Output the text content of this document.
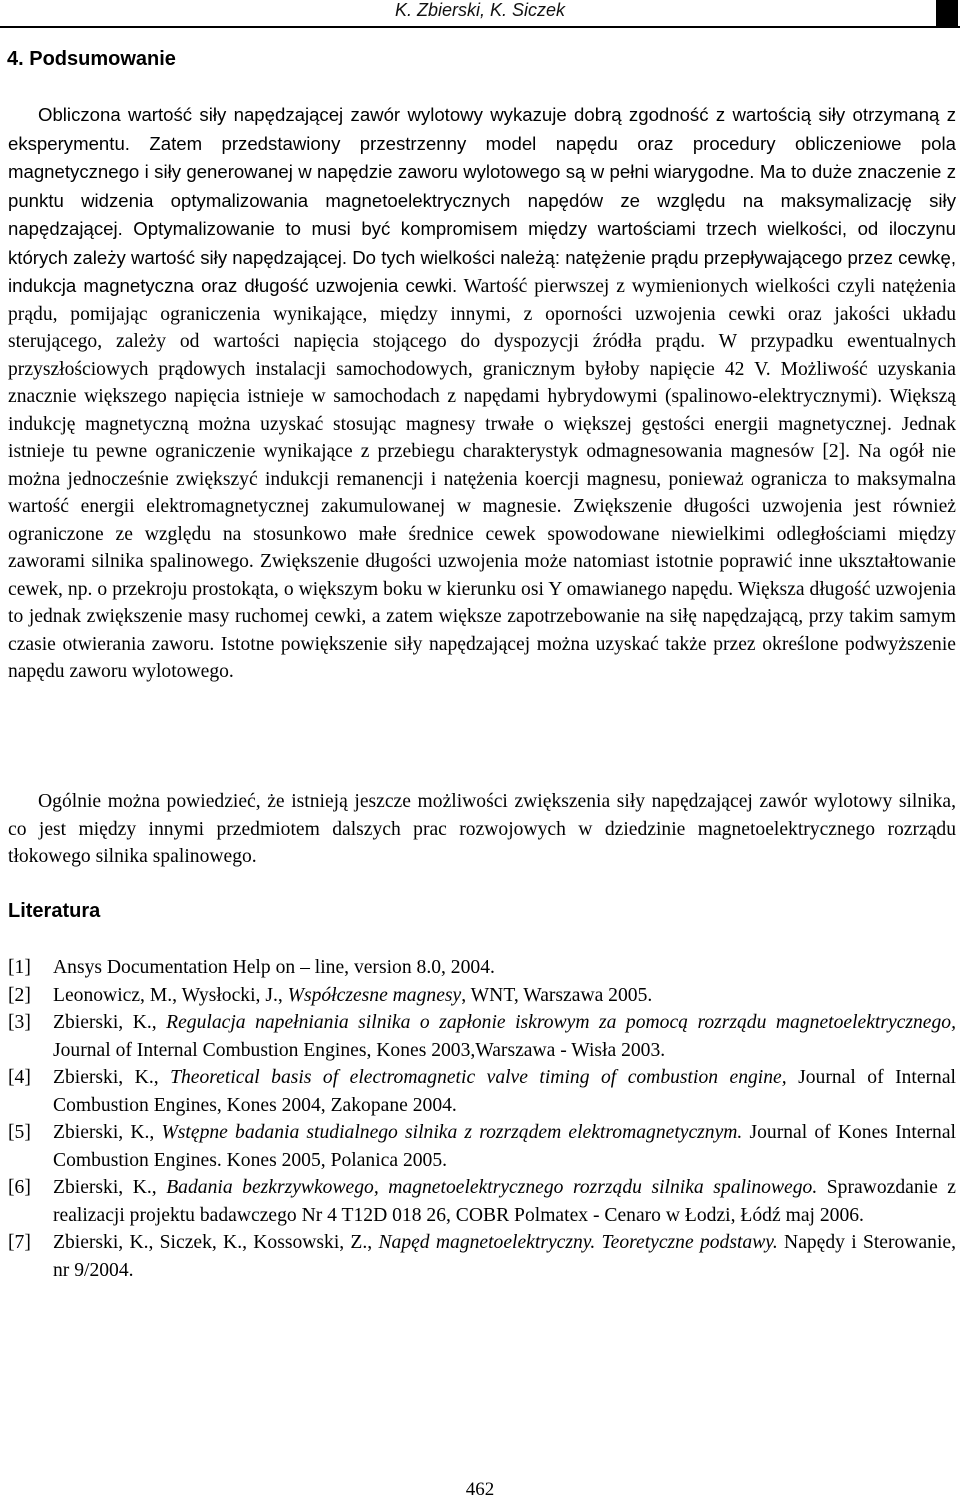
K. Zbierski, K. Siczek
4. Podsumowanie

Obliczona wartość siły napędzającej zawór wylotowy wykazuje dobrą zgodność z wartością siły otrzymaną z eksperymentu. Zatem przedstawiony przestrzenny model napędu oraz procedury obliczeniowe pola magnetycznego i siły generowanej w napędzie zaworu wylotowego są w pełni wiarygodne. Ma to duże znaczenie z punktu widzenia optymalizowania magnetoelektrycznych napędów ze względu na maksymalizację siły napędzającej. Optymalizowanie to musi być kompromisem między wartościami trzech wielkości, od iloczynu których zależy wartość siły napędzającej. Do tych wielkości należą: natężenie prądu przepływającego przez cewkę, indukcja magnetyczna oraz długość uzwojenia cewki. Wartość pierwszej z wymienionych wielkości czyli natężenia prądu, pomijając ograniczenia wynikające, między innymi, z oporności uzwojenia cewki oraz jakości układu sterującego, zależy od wartości napięcia stojącego do dyspozycji źródła prądu. W przypadku ewentualnych przyszłościowych prądowych instalacji samochodowych, granicznym byłoby napięcie 42 V. Możliwość uzyskania znacznie większego napięcia istnieje w samochodach z napędami hybrydowymi (spalinowo-elektrycznymi). Większą indukcję magnetyczną można uzyskać stosując magnesy trwałe o większej gęstości energii magnetycznej. Jednak istnieje tu pewne ograniczenie wynikające z przebiegu charakterystyk odmagnesowania magnesów [2]. Na ogół nie można jednocześnie zwiększyć indukcji remanencji i natężenia koercji magnesu, ponieważ ogranicza to maksymalna wartość energii elektromagnetycznej zakumulowanej w magnesie. Zwiększenie długości uzwojenia jest również ograniczone ze względu na stosunkowo małe średnice cewek spowodowane niewielkimi odległościami między zaworami silnika spalinowego. Zwiększenie długości uzwojenia może natomiast istotnie poprawić inne ukształtowanie cewek, np. o przekroju prostokąta, o większym boku w kierunku osi Y omawianego napędu. Większa długość uzwojenia to jednak zwiększenie masy ruchomej cewki, a zatem większe zapotrzebowanie na siłę napędzającą, przy takim samym czasie otwierania zaworu. Istotne powiększenie siły napędzającej można uzyskać także przez określone podwyższenie napędu zaworu wylotowego.

Ogólnie można powiedzieć, że istnieją jeszcze możliwości zwiększenia siły napędzającej zawór wylotowy silnika, co jest między innymi przedmiotem dalszych prac rozwojowych w dziedzinie magnetoelektrycznego rozrządu tłokowego silnika spalinowego.

Literatura
[1]	Ansys Documentation Help on – line, version 8.0, 2004.
[2]	Leonowicz, M., Wysłocki, J., Współczesne magnesy, WNT, Warszawa 2005.
[3]	Zbierski, K., Regulacja napełniania silnika o zapłonie iskrowym za pomocą rozrządu magnetoelektrycznego, Journal of Internal Combustion Engines, Kones 2003,Warszawa - Wisła 2003.
[4]	Zbierski, K., Theoretical basis of electromagnetic valve timing of combustion engine, Journal of Internal Combustion Engines, Kones 2004, Zakopane 2004.
[5]	Zbierski, K., Wstępne badania studialnego silnika z rozrządem elektromagnetycznym. Journal of Kones Internal Combustion Engines. Kones 2005, Polanica 2005.
[6]	Zbierski, K., Badania bezkrzywkowego, magnetoelektrycznego rozrządu silnika spalinowego. Sprawozdanie z realizacji projektu badawczego Nr 4 T12D 018 26, COBR Polmatex - Cenaro w Łodzi, Łódź maj 2006.
[7]	Zbierski, K., Siczek, K., Kossowski, Z., Napęd magnetoelektryczny. Teoretyczne podstawy. Napędy i Sterowanie, nr 9/2004.
462
